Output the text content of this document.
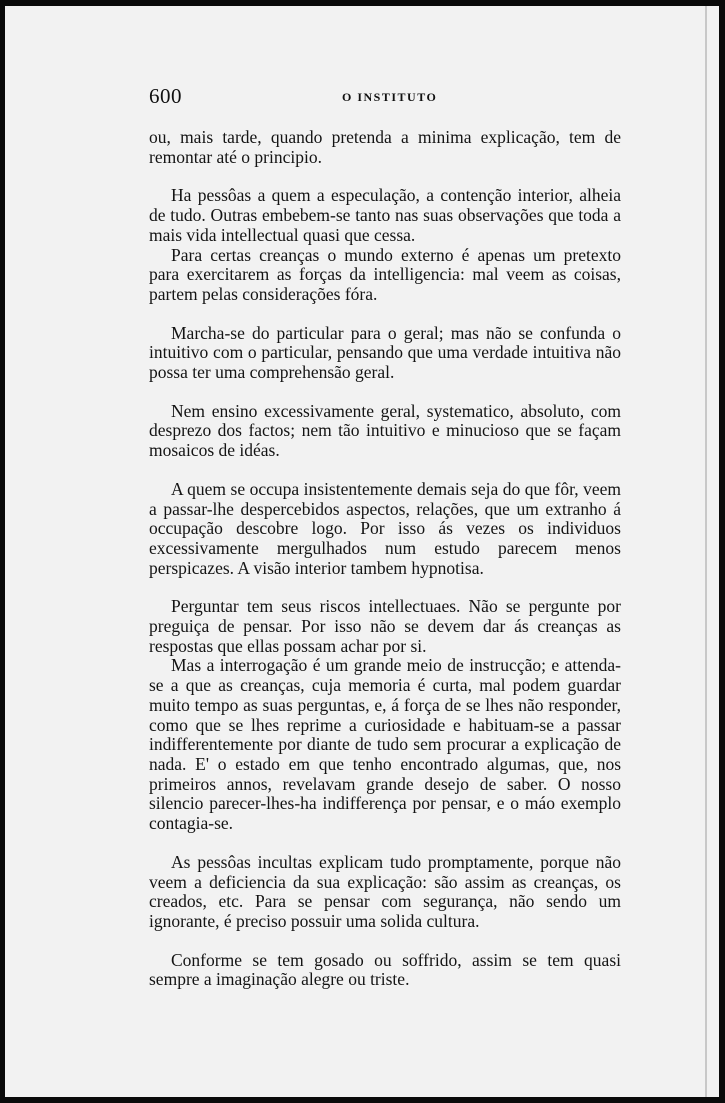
600	O INSTITUTO

ou, mais tarde, quando pretenda a minima explicação, tem de remontar até o principio.

Ha pessôas a quem a especulação, a contenção interior, alheia de tudo. Outras embebem-se tanto nas suas observações que toda a mais vida intellectual quasi que cessa.

Para certas creanças o mundo externo é apenas um pretexto para exercitarem as forças da intelligencia: mal veem as coisas, partem pelas considerações fóra.

Marcha-se do particular para o geral; mas não se confunda o intuitivo com o particular, pensando que uma verdade intuitiva não possa ter uma comprehensão geral.

Nem ensino excessivamente geral, systematico, absoluto, com desprezo dos factos; nem tão intuitivo e minucioso que se façam mosaicos de idéas.

A quem se occupa insistentemente demais seja do que fôr, veem a passar-lhe despercebidos aspectos, relações, que um extranho á occupação descobre logo. Por isso ás vezes os individuos excessivamente mergulhados num estudo parecem menos perspicazes. A visão interior tambem hypnotisa.

Perguntar tem seus riscos intellectuaes. Não se pergunte por preguiça de pensar. Por isso não se devem dar ás creanças as respostas que ellas possam achar por si.

Mas a interrogação é um grande meio de instrucção; e attenda-se a que as creanças, cuja memoria é curta, mal podem guardar muito tempo as suas perguntas, e, á força de se lhes não responder, como que se lhes reprime a curiosidade e habituam-se a passar indifferentemente por diante de tudo sem procurar a explicação de nada. E' o estado em que tenho encontrado algumas, que, nos primeiros annos, revelavam grande desejo de saber. O nosso silencio parecer-lhes-ha indifferença por pensar, e o máo exemplo contagia-se.

As pessôas incultas explicam tudo promptamente, porque não veem a deficiencia da sua explicação: são assim as creanças, os creados, etc. Para se pensar com segurança, não sendo um ignorante, é preciso possuir uma solida cultura.

Conforme se tem gosado ou soffrido, assim se tem quasi sempre a imaginação alegre ou triste.
